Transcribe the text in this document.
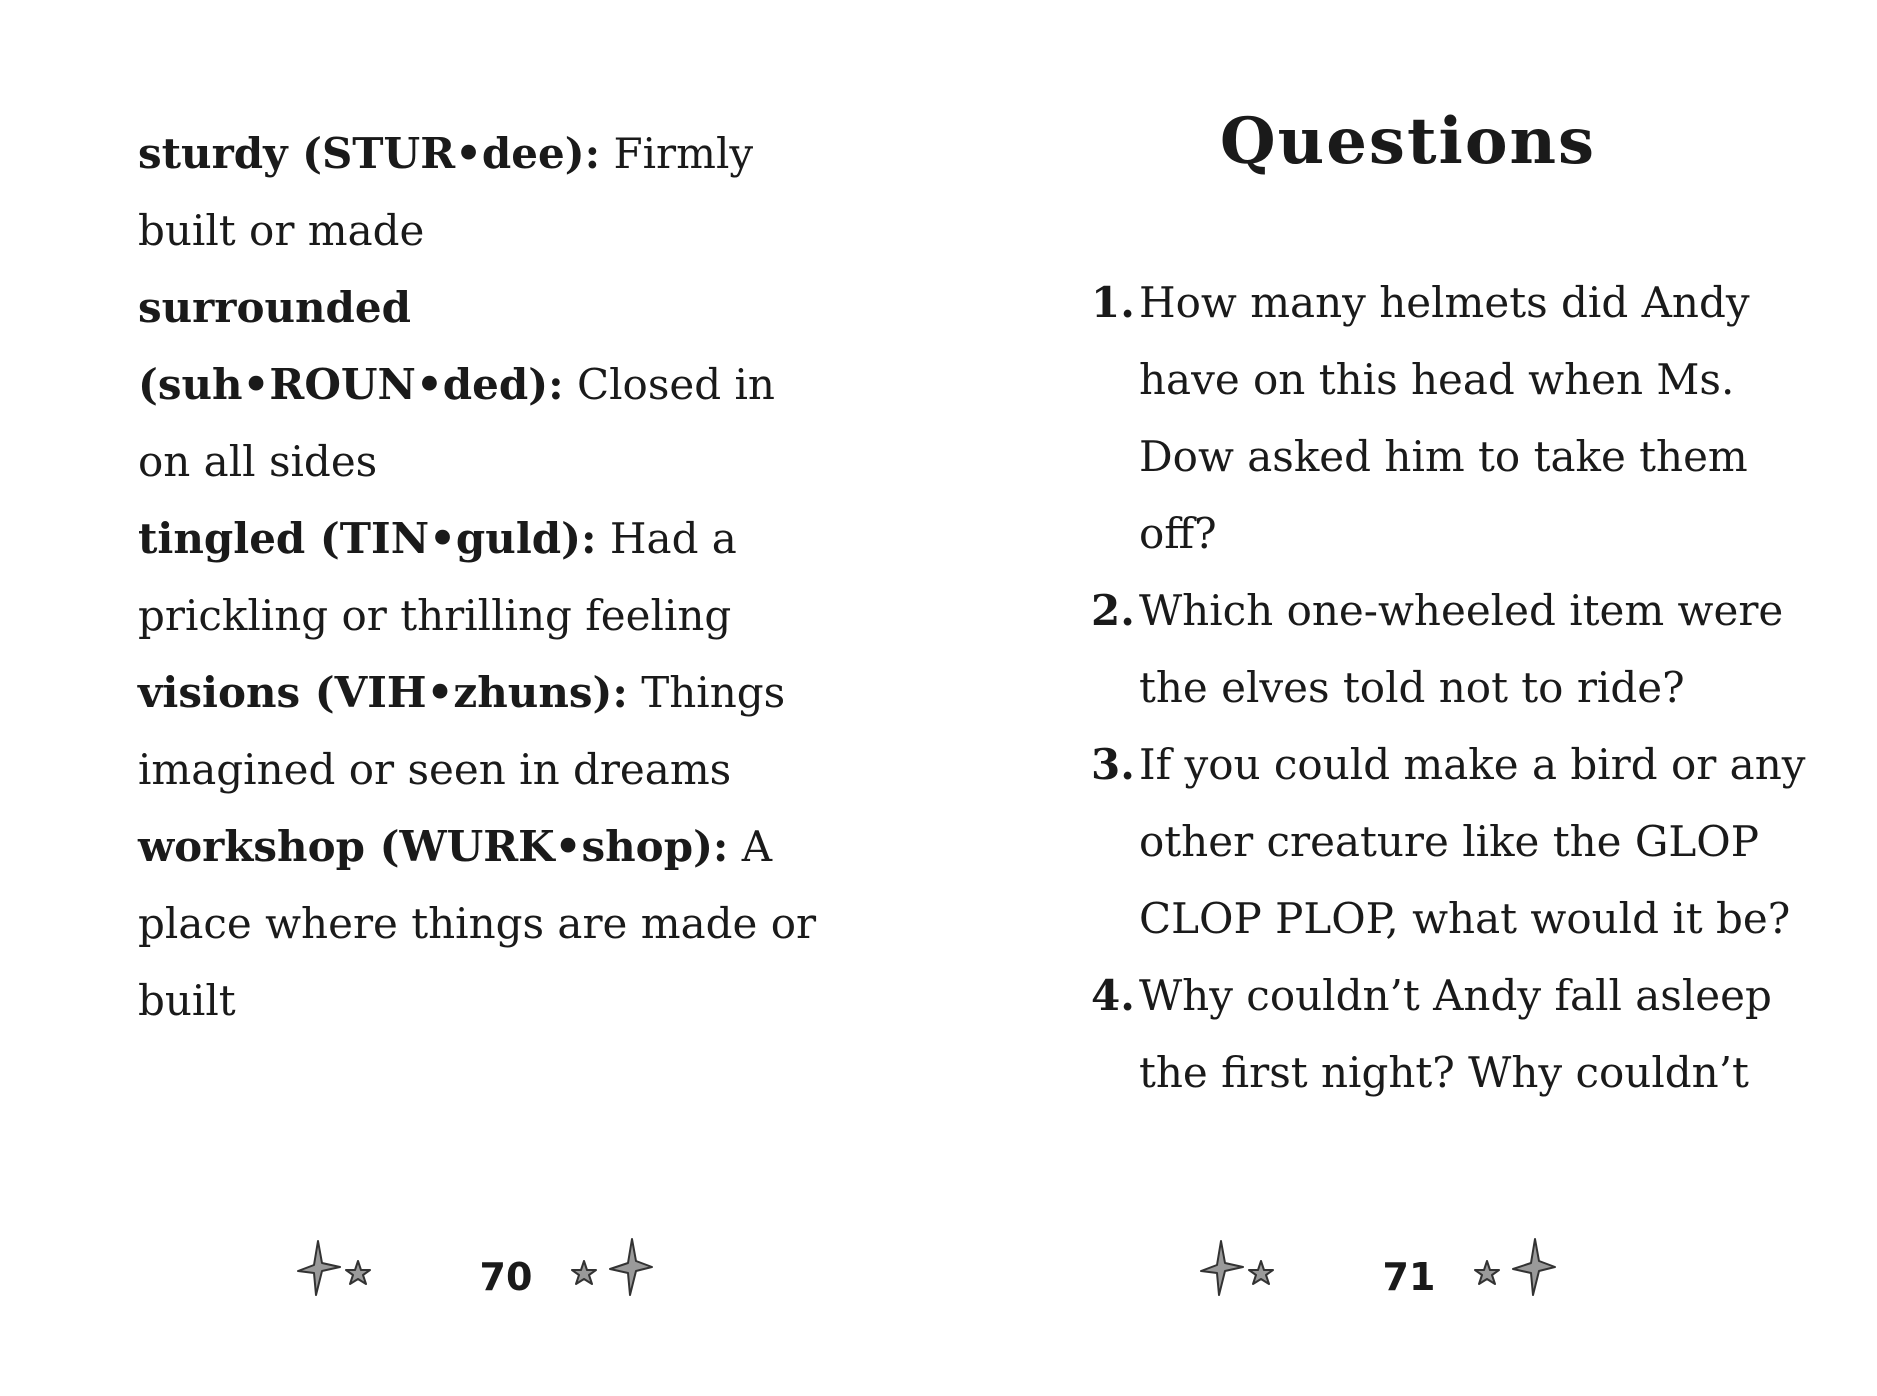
sturdy (STUR•dee): Firmly built or made

surrounded (suh•ROUN•ded): Closed in on all sides

tingled (TIN•guld): Had a prickling or thrilling feeling

visions (VIH•zhuns): Things imagined or seen in dreams

workshop (WURK•shop): A place where things are made or built

70
Questions
1. How many helmets did Andy have on this head when Ms. Dow asked him to take them off?
2. Which one-wheeled item were the elves told not to ride?
3. If you could make a bird or any other creature like the GLOP CLOP PLOP, what would it be?
4. Why couldn’t Andy fall asleep the first night? Why couldn’t
71
